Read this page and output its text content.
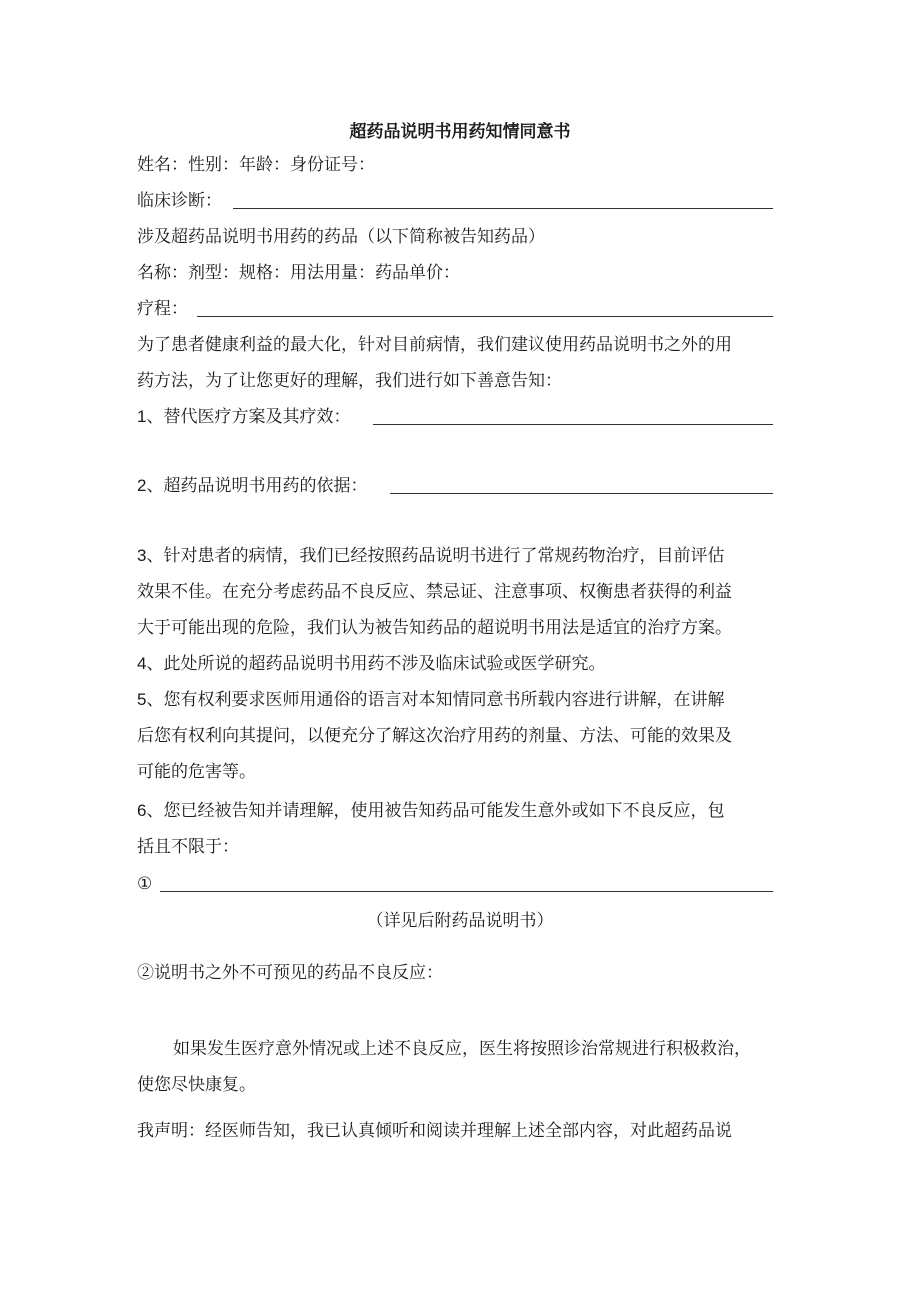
超药品说明书用药知情同意书
姓名：性别：年龄：身份证号：
临床诊断：
涉及超药品说明书用药的药品（以下简称被告知药品）
名称：剂型：规格：用法用量：药品单价：
疗程：
为了患者健康利益的最大化，针对目前病情，我们建议使用药品说明书之外的用
药方法，为了让您更好的理解，我们进行如下善意告知：
1、替代医疗方案及其疗效：
2、超药品说明书用药的依据：
3、针对患者的病情，我们已经按照药品说明书进行了常规药物治疗，目前评估
效果不佳。在充分考虑药品不良反应、禁忌证、注意事项、权衡患者获得的利益
大于可能出现的危险，我们认为被告知药品的超说明书用法是适宜的治疗方案。
4、此处所说的超药品说明书用药不涉及临床试验或医学研究。
5、您有权利要求医师用通俗的语言对本知情同意书所载内容进行讲解，在讲解
后您有权利向其提问，以便充分了解这次治疗用药的剂量、方法、可能的效果及
可能的危害等。
6、您已经被告知并请理解，使用被告知药品可能发生意外或如下不良反应，包
括且不限于：
①
（详见后附药品说明书）
②说明书之外不可预见的药品不良反应：
如果发生医疗意外情况或上述不良反应，医生将按照诊治常规进行积极救治，
使您尽快康复。
我声明：经医师告知，我已认真倾听和阅读并理解上述全部内容，对此超药品说
